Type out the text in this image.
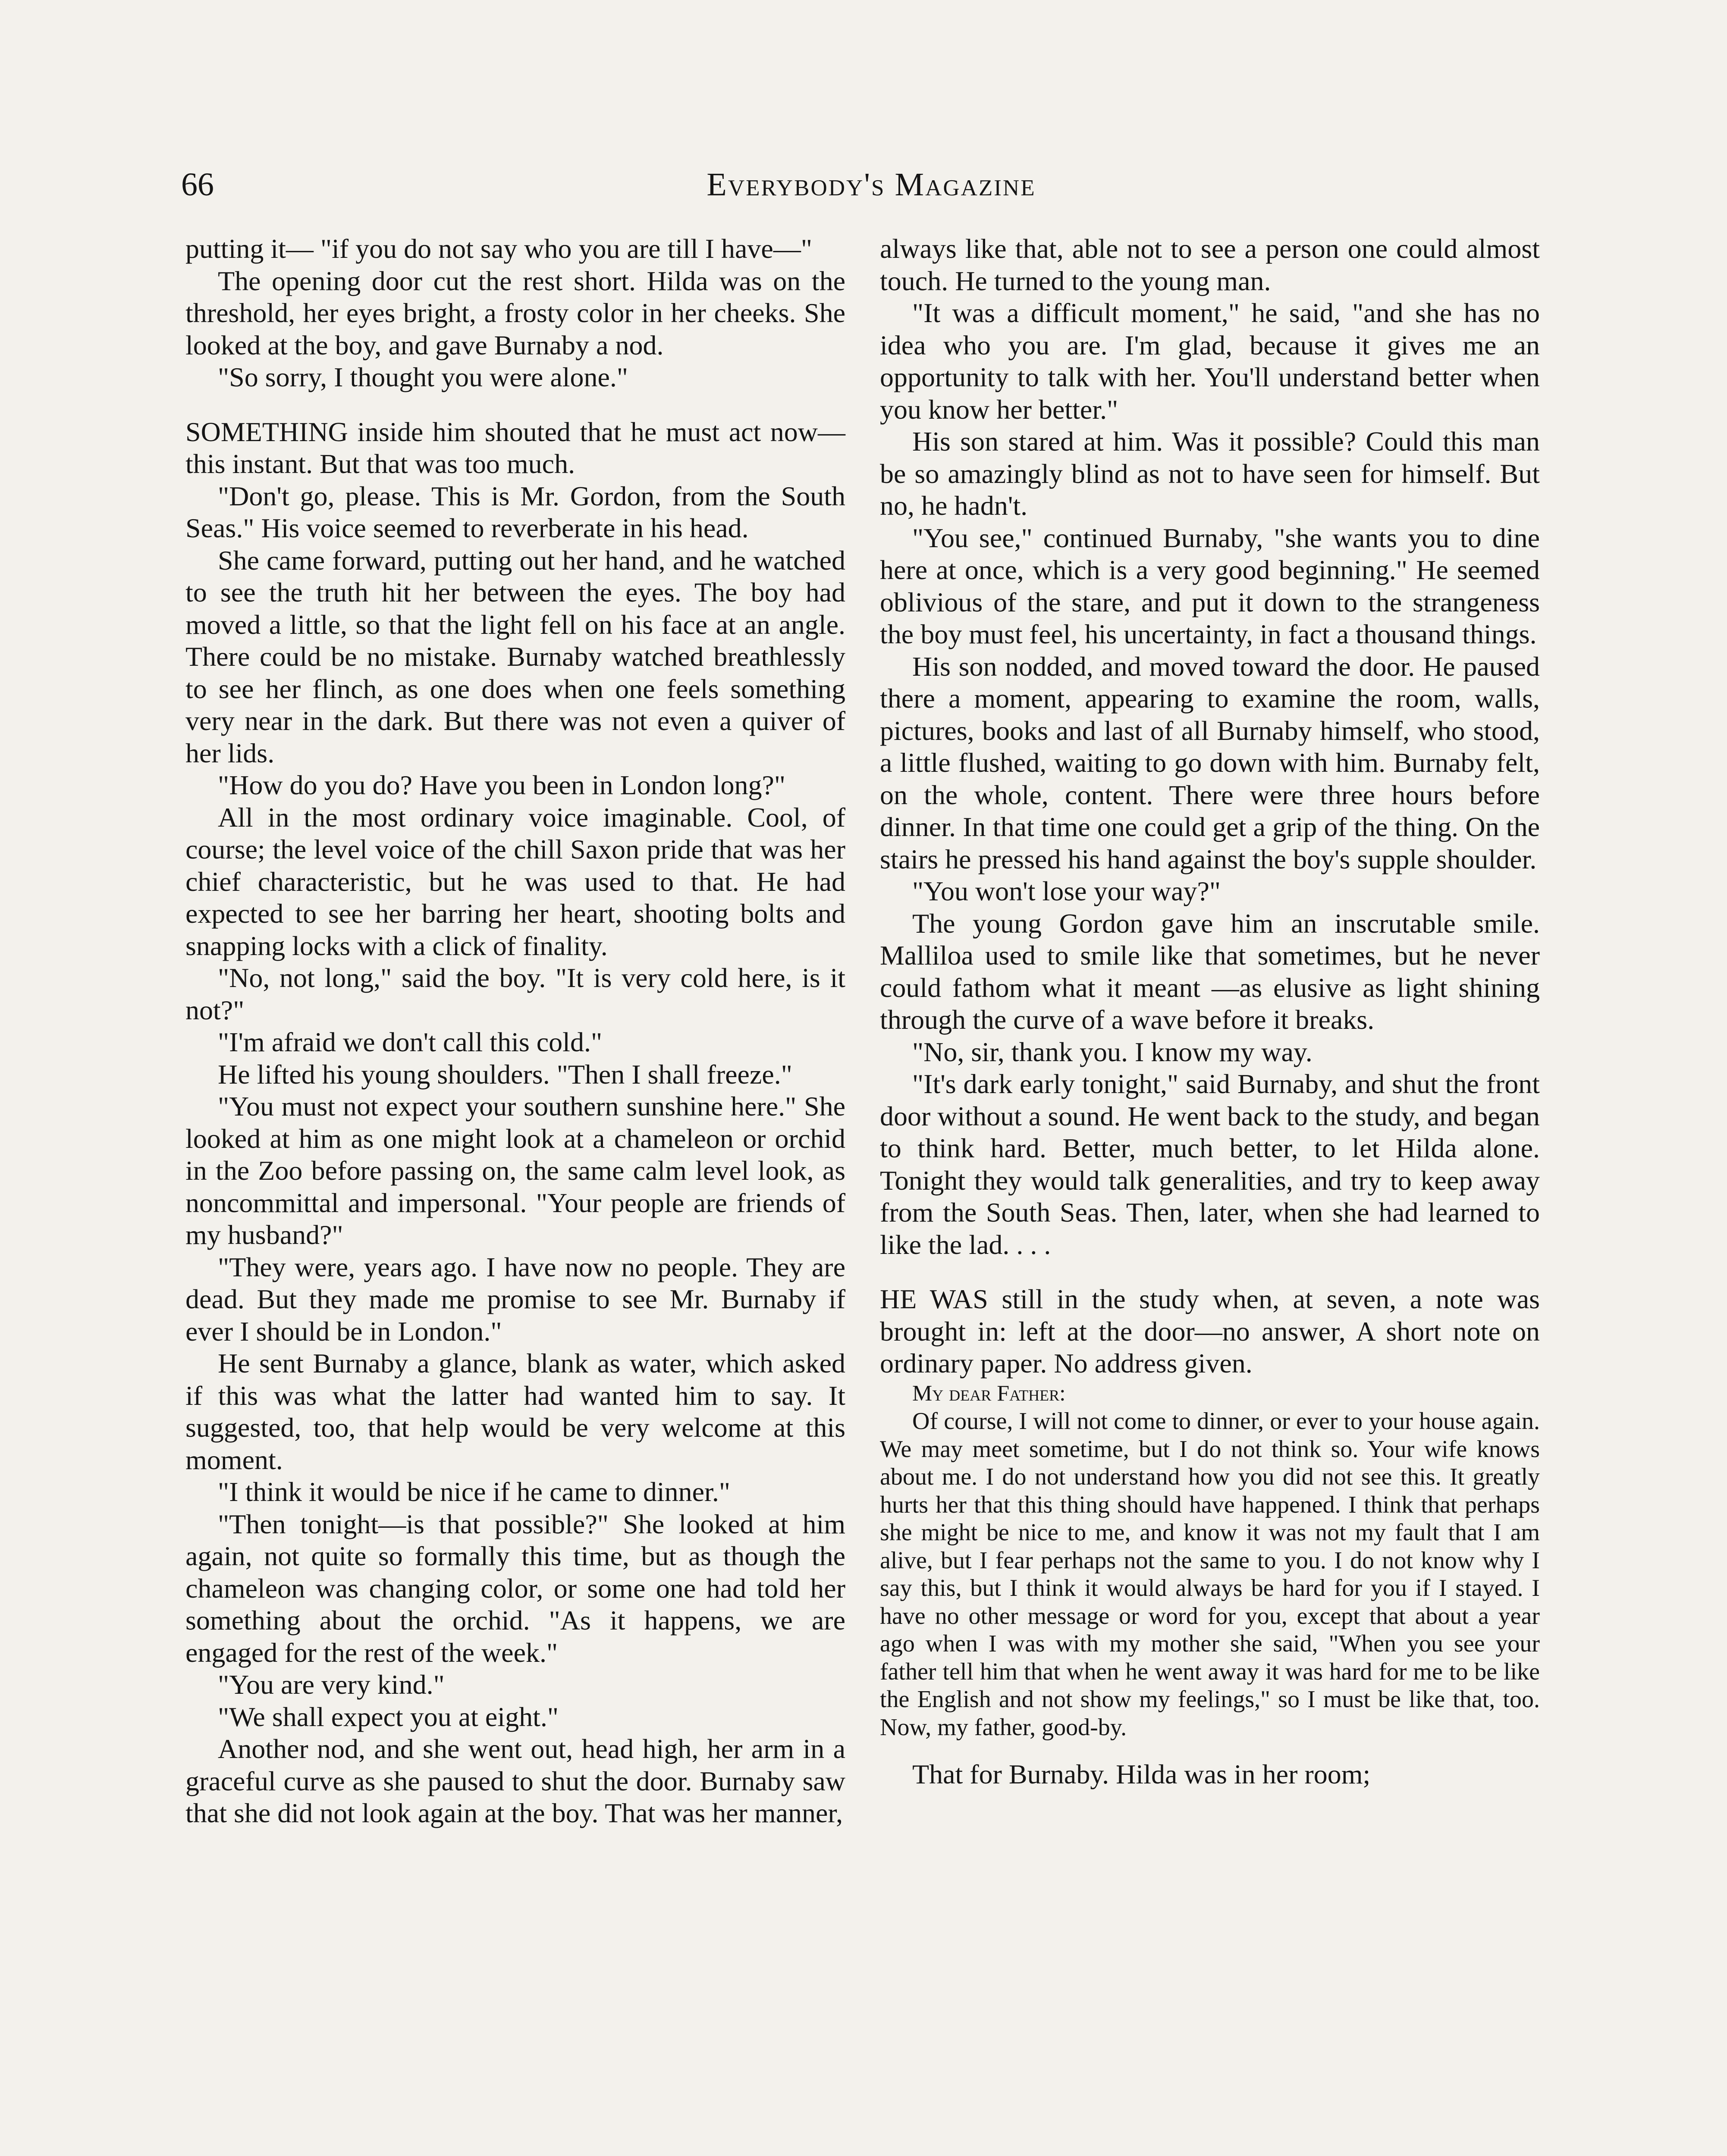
66	Everybody's Magazine

putting it— "if you do not say who you are till I have—"

The opening door cut the rest short. Hilda was on the threshold, her eyes bright, a frosty color in her cheeks. She looked at the boy, and gave Burnaby a nod.

"So sorry, I thought you were alone."

SOMETHING inside him shouted that he must act now—this instant. But that was too much.

"Don't go, please. This is Mr. Gordon, from the South Seas." His voice seemed to reverberate in his head.

She came forward, putting out her hand, and he watched to see the truth hit her between the eyes. The boy had moved a little, so that the light fell on his face at an angle. There could be no mistake. Burnaby watched breathlessly to see her flinch, as one does when one feels something very near in the dark. But there was not even a quiver of her lids.

"How do you do? Have you been in London long?"

All in the most ordinary voice imaginable. Cool, of course; the level voice of the chill Saxon pride that was her chief characteristic, but he was used to that. He had expected to see her barring her heart, shooting bolts and snapping locks with a click of finality.

"No, not long," said the boy. "It is very cold here, is it not?"

"I'm afraid we don't call this cold."

He lifted his young shoulders. "Then I shall freeze."

"You must not expect your southern sunshine here." She looked at him as one might look at a chameleon or orchid in the Zoo before passing on, the same calm level look, as noncommittal and impersonal. "Your people are friends of my husband?"

"They were, years ago. I have now no people. They are dead. But they made me promise to see Mr. Burnaby if ever I should be in London."

He sent Burnaby a glance, blank as water, which asked if this was what the latter had wanted him to say. It suggested, too, that help would be very welcome at this moment.

"I think it would be nice if he came to dinner."

"Then tonight—is that possible?" She looked at him again, not quite so formally this time, but as though the chameleon was changing color, or some one had told her something about the orchid. "As it happens, we are engaged for the rest of the week."

"You are very kind."

"We shall expect you at eight."

Another nod, and she went out, head high, her arm in a graceful curve as she paused to shut the door. Burnaby saw that she did not look again at the boy. That was her manner,

always like that, able not to see a person one could almost touch. He turned to the young man.

"It was a difficult moment," he said, "and she has no idea who you are. I'm glad, because it gives me an opportunity to talk with her. You'll understand better when you know her better."

His son stared at him. Was it possible? Could this man be so amazingly blind as not to have seen for himself. But no, he hadn't.

"You see," continued Burnaby, "she wants you to dine here at once, which is a very good beginning." He seemed oblivious of the stare, and put it down to the strangeness the boy must feel, his uncertainty, in fact a thousand things.

His son nodded, and moved toward the door. He paused there a moment, appearing to examine the room, walls, pictures, books and last of all Burnaby himself, who stood, a little flushed, waiting to go down with him. Burnaby felt, on the whole, content. There were three hours before dinner. In that time one could get a grip of the thing. On the stairs he pressed his hand against the boy's supple shoulder.

"You won't lose your way?"

The young Gordon gave him an inscrutable smile. Malliloa used to smile like that sometimes, but he never could fathom what it meant —as elusive as light shining through the curve of a wave before it breaks.

"No, sir, thank you. I know my way.

"It's dark early tonight," said Burnaby, and shut the front door without a sound. He went back to the study, and began to think hard. Better, much better, to let Hilda alone. Tonight they would talk generalities, and try to keep away from the South Seas. Then, later, when she had learned to like the lad. . . .

HE WAS still in the study when, at seven, a note was brought in: left at the door—no answer, A short note on ordinary paper. No address given.

My dear Father:

Of course, I will not come to dinner, or ever to your house again. We may meet sometime, but I do not think so. Your wife knows about me. I do not understand how you did not see this. It greatly hurts her that this thing should have happened. I think that perhaps she might be nice to me, and know it was not my fault that I am alive, but I fear perhaps not the same to you. I do not know why I say this, but I think it would always be hard for you if I stayed. I have no other message or word for you, except that about a year ago when I was with my mother she said, "When you see your father tell him that when he went away it was hard for me to be like the English and not show my feelings," so I must be like that, too. Now, my father, good-by.

That for Burnaby. Hilda was in her room;
